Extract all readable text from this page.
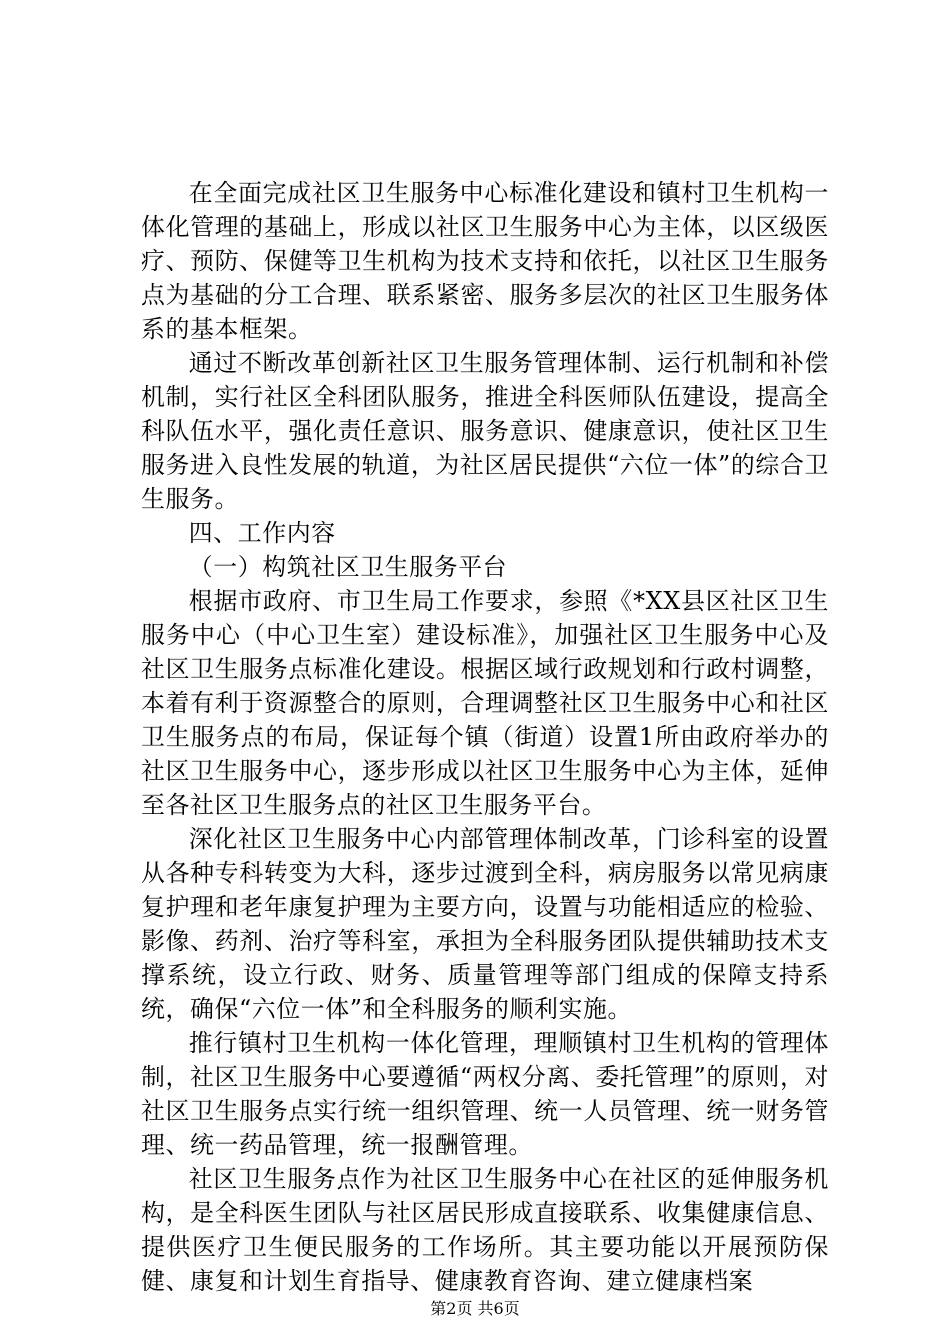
在全面完成社区卫生服务中心标准化建设和镇村卫生机构一体化管理的基础上，形成以社区卫生服务中心为主体，以区级医疗、预防、保健等卫生机构为技术支持和依托，以社区卫生服务点为基础的分工合理、联系紧密、服务多层次的社区卫生服务体系的基本框架。

通过不断改革创新社区卫生服务管理体制、运行机制和补偿机制，实行社区全科团队服务，推进全科医师队伍建设，提高全科队伍水平，强化责任意识、服务意识、健康意识，使社区卫生服务进入良性发展的轨道，为社区居民提供“六位一体”的综合卫生服务。

四、工作内容

（一）构筑社区卫生服务平台

根据市政府、市卫生局工作要求，参照《*XX县区社区卫生服务中心（中心卫生室）建设标准》，加强社区卫生服务中心及社区卫生服务点标准化建设。根据区域行政规划和行政村调整，本着有利于资源整合的原则，合理调整社区卫生服务中心和社区卫生服务点的布局，保证每个镇（街道）设置1所由政府举办的社区卫生服务中心，逐步形成以社区卫生服务中心为主体，延伸至各社区卫生服务点的社区卫生服务平台。

深化社区卫生服务中心内部管理体制改革，门诊科室的设置从各种专科转变为大科，逐步过渡到全科，病房服务以常见病康复护理和老年康复护理为主要方向，设置与功能相适应的检验、影像、药剂、治疗等科室，承担为全科服务团队提供辅助技术支撑系统，设立行政、财务、质量管理等部门组成的保障支持系统，确保“六位一体”和全科服务的顺利实施。

推行镇村卫生机构一体化管理，理顺镇村卫生机构的管理体制，社区卫生服务中心要遵循“两权分离、委托管理”的原则，对社区卫生服务点实行统一组织管理、统一人员管理、统一财务管理、统一药品管理，统一报酬管理。

社区卫生服务点作为社区卫生服务中心在社区的延伸服务机构，是全科医生团队与社区居民形成直接联系、收集健康信息、提供医疗卫生便民服务的工作场所。其主要功能以开展预防保健、康复和计划生育指导、健康教育咨询、建立健康档案

第2页 共6页
